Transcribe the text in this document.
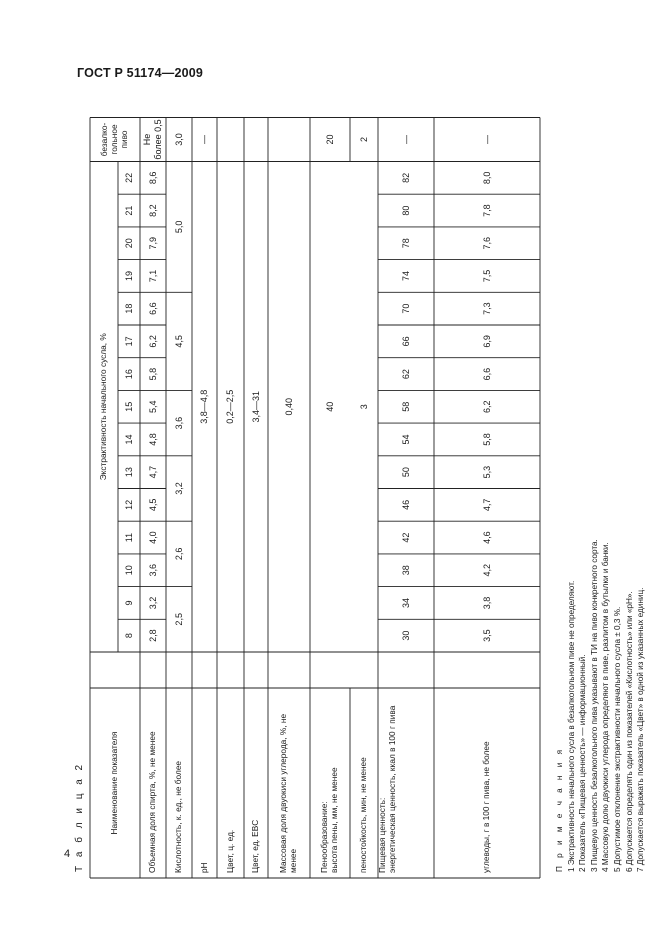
ГОСТ Р 51174—2009
4 Т а б л и ц а 2	Наименование показателя
Экстрактивность начального сусла, %
8
9
10
11
12
13
14
15
16
17
18
19
20
21
22
безалко-
гольное
пиво
Объемная доля спирта, %, не менее
2,8
3,2
3,6
4,0
4,5
4,7
4,8
5,4
5,8
6,2
6,6
7,1
7,9
8,2
8,6
Не
более 0,5
Кислотность, к. ед., не более
2,5
2,6
3,2
3,6
4,5
5,0
3,0
pH
3,8—4,8
—
Цвет, ц. ед.
0,2—2,5
Цвет, ед. EBC
3,4—31
Массовая доля двуокиси углерода, %, не менее
0,40
Пенообразование: высота пены, мм, не менее
40
20
пеностойкость, мин, не менее
3
2
Пищевая ценность: энергетическая ценность, ккал в 100 г пива
30
34
38
42
46
50
54
58
62
66
70
74
78
80
82
—
углеводы, г в 100 г пива, не более
3,5
3,8
4,2
4,6
4,7
5,3
5,8
6,2
6,6
6,9
7,3
7,5
7,6
7,8
8,0
—
П р и м е ч а н и я 1 Экстрактивность начального сусла в безалкогольном пиве не определяют. 2 Показатель «Пищевая ценность» — информационный. 3 Пищевую ценность безалкогольного пива указывают в ТИ на пиво конкретного сорта. 4 Массовую долю двуокиси углерода определяют в пиве, разлитом в бутылки и банки. 5 Допустимое отклонение экстрактивности начального сусла ± 0,3 %. 6 Допускается определять один из показателей «Кислотность» или «pH». 7 Допускается выражать показатель «Цвет» в одной из указанных единиц.
